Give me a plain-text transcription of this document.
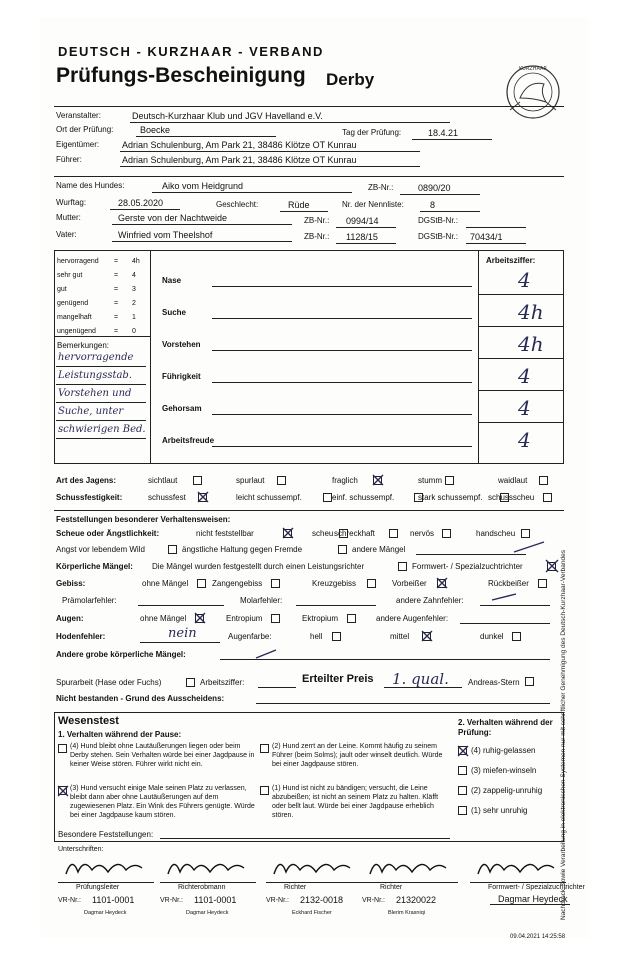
DEUTSCH - KURZHAAR - VERBAND
Prüfungs-Bescheinigung Derby
KURZHAAR
Veranstalter:	Deutsch-Kurzhaar Klub und JGV Havelland e.V.
Ort der Prüfung:	Boecke	Tag der Prüfung:	18.4.21
Eigentümer:	Adrian Schulenburg, Am Park 21, 38486 Klötze OT Kunrau
Führer:	Adrian Schulenburg, Am Park 21, 38486 Klötze OT Kunrau
Name des Hundes:	Aiko vom Heidgrund	ZB-Nr.:	0890/20
Wurftag:	28.05.2020	Geschlecht:	Rüde	Nr. der Nennliste:	8
Mutter:	Gerste von der Nachtweide	ZB-Nr.: 0994/14	DGStB-Nr.:
Vater:	Winfried vom Theelshof	ZB-Nr.: 1128/15	DGStB-Nr.: 70434/1
Arbeitsziffer:
hervorragend = 4h
sehr gut	= 4
gut	= 3
genügend	= 2
mangelhaft	= 1
ungenügend	= 0
Nase	4
Suche	4h
Vorstehen	4h
Führigkeit	4
Gehorsam	4
Arbeitsfreude	4
Bemerkungen:
hervorragende
Leistungsstab.
Vorstehen und
Suche, unter
schwierigen Bed.
Art des Jagens:	sichtlaut	spurlaut	fraglich	stumm	waidlaut
Schussfestigkeit:	schussfest	leicht schussempf.	einf. schussempf.	stark schussempf. schussscheu
Feststellungen besonderer Verhaltensweisen:
Scheue oder Ängstlichkeit:	nicht feststellbar	scheu schreckhaft	nervös	handscheu
Angst vor lebendem Wild	ängstliche Haltung gegen Fremde	andere Mängel
Körperliche Mängel: Die Mängel wurden festgestellt durch einen Leistungsrichter	Formwert- / Spezialzuchtrichter
Gebiss:	ohne Mängel	Zangengebiss	Kreuzgebiss	Vorbeißer	Rückbeißer
Prämolarfehler:	Molarfehler:	andere Zahnfehler:
Augen:	ohne Mängel	Entropium	Ektropium	andere Augenfehler:
Hodenfehler:	nein	Augenfarbe:	hell	mittel	dunkel
Andere grobe körperliche Mängel:
Spurarbeit (Hase oder Fuchs)	Arbeitsziffer:	Erteilter Preis 1. qual. Andreas-Stern
Nicht bestanden - Grund des Ausscheidens:
Wesenstest
1. Verhalten während der Pause:
(4) Hund bleibt ohne Lautäußerungen liegen oder beim Derby stehen. Sein Verhalten würde bei einer Jagdpause in keiner Weise stören. Führer wirkt nicht ein.
(2) Hund zerrt an der Leine. Kommt häufig zu seinem Führer (beim Solms); jault oder winselt deutlich. Würde bei einer Jagdpause stören.
(3) Hund versucht einige Male seinen Platz zu verlassen, bleibt dann aber ohne Lautäußerungen auf dem zugewiesenen Platz. Ein Wink des Führers genügte. Würde bei einer Jagdpause kaum stören.
(1) Hund ist nicht zu bändigen; versucht, die Leine abzubeißen; ist nicht an seinem Platz zu halten. Kläfft oder bellt laut. Würde bei einer Jagdpause erheblich stören.
Besondere Feststellungen:
2. Verhalten während der Prüfung:
(4) ruhig-gelassen
(3) miefen-winseln
(2) zappelig-unruhig
(1) sehr unruhig
Unterschriften:
Prüfungsleiter
VR-Nr.: 1101-0001
Dagmar Heydeck
Richterobmann
VR-Nr.: 1101-0001
Dagmar Heydeck
Richter
VR-Nr.: 2132-0018
Eckhard Fischer
Richter
VR-Nr.: 21320022
Blerim Krasniqi
Formwert- / Spezialzuchtrichter
Dagmar Heydeck
09.04.2021 14:25:58
Nachdruck, sowie Verarbeitung in elektronischen Systemen nur mit schriftlicher Genehmigung des Deutsch-Kurzhaar-Verbandes
